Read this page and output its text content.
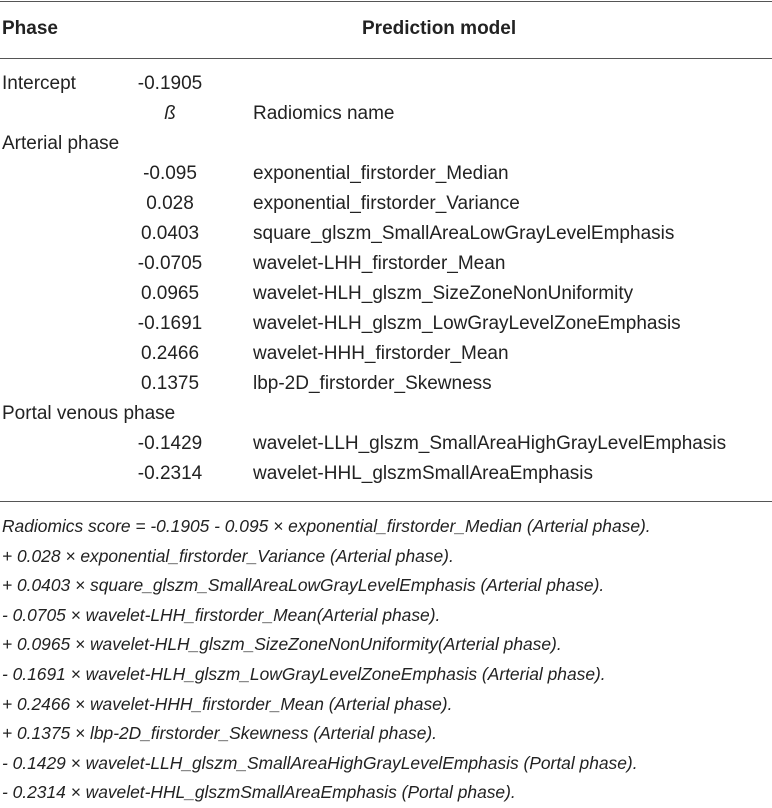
Phase	Prediction model
Intercept	-0.1905
ß	Radiomics name
Arterial phase
-0.095	exponential_firstorder_Median
0.028	exponential_firstorder_Variance
0.0403	square_glszm_SmallAreaLowGrayLevelEmphasis
-0.0705	wavelet-LHH_firstorder_Mean
0.0965	wavelet-HLH_glszm_SizeZoneNonUniformity
-0.1691	wavelet-HLH_glszm_LowGrayLevelZoneEmphasis
0.2466	wavelet-HHH_firstorder_Mean
0.1375	lbp-2D_firstorder_Skewness
Portal venous phase
-0.1429	wavelet-LLH_glszm_SmallAreaHighGrayLevelEmphasis
-0.2314	wavelet-HHL_glszmSmallAreaEmphasis
Radiomics score = -0.1905 - 0.095 × exponential_firstorder_Median (Arterial phase).
+ 0.028 × exponential_firstorder_Variance (Arterial phase).
+ 0.0403 × square_glszm_SmallAreaLowGrayLevelEmphasis (Arterial phase).
- 0.0705 × wavelet-LHH_firstorder_Mean(Arterial phase).
+ 0.0965 × wavelet-HLH_glszm_SizeZoneNonUniformity(Arterial phase).
- 0.1691 × wavelet-HLH_glszm_LowGrayLevelZoneEmphasis (Arterial phase).
+ 0.2466 × wavelet-HHH_firstorder_Mean (Arterial phase).
+ 0.1375 × lbp-2D_firstorder_Skewness (Arterial phase).
- 0.1429 × wavelet-LLH_glszm_SmallAreaHighGrayLevelEmphasis (Portal phase).
- 0.2314 × wavelet-HHL_glszmSmallAreaEmphasis (Portal phase).
